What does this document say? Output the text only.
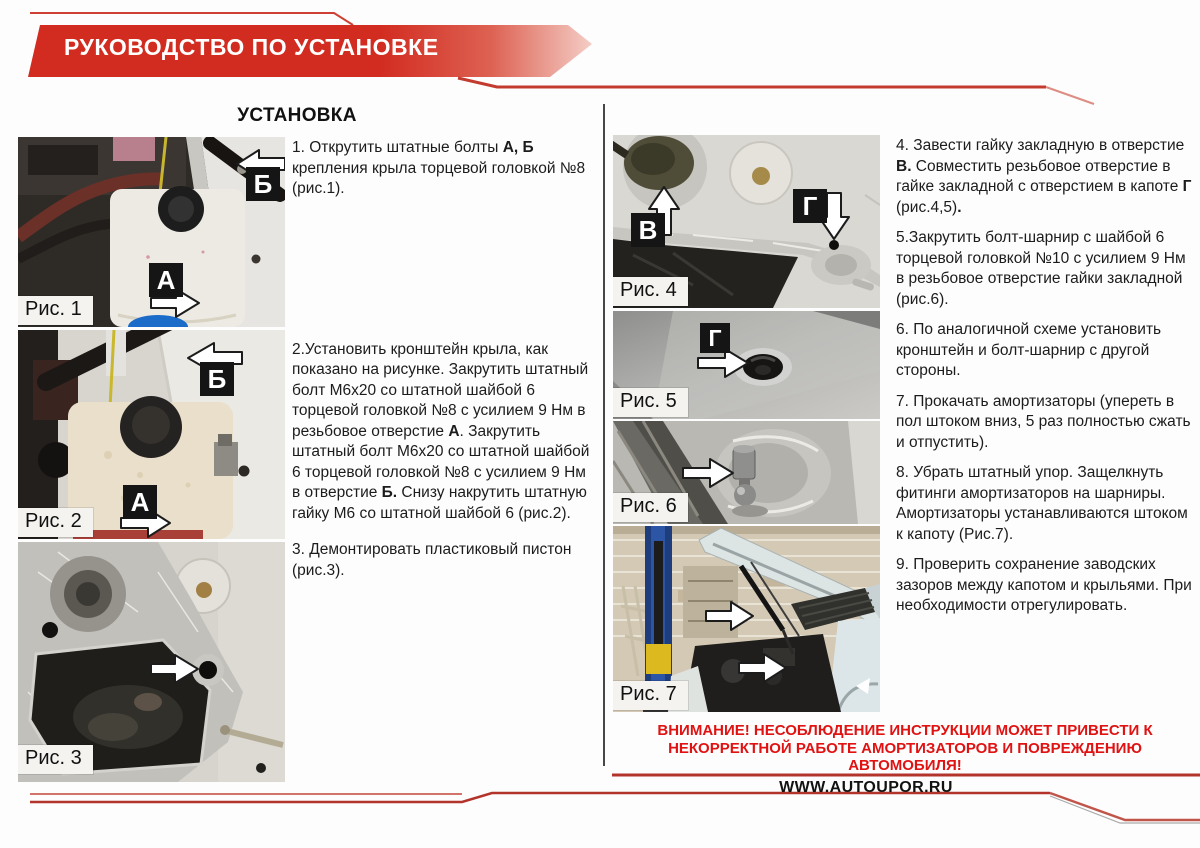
РУКОВОДСТВО ПО УСТАНОВКЕ
УСТАНОВКА
Б
А
Рис. 1
Б
А
Рис. 2
Рис. 3
В
Г
Рис. 4
Г
Рис. 5
Рис. 6
Рис. 7

1. Открутить штатные болты А, Б крепления крыла торцевой головкой №8 (рис.1).

2.Установить кронштейн крыла, как показано на рисунке. Закрутить штатный болт М6х20 со штатной шайбой 6 торцевой головкой №8 с усилием 9 Нм в резьбовое отверстие А. Закрутить штатный болт М6х20 со штатной шайбой 6 торцевой головкой №8 с усилием 9 Нм в отверстие Б. Снизу накрутить штатную гайку М6 со штатной шайбой 6 (рис.2).

3. Демонтировать пластиковый пистон (рис.3).

4. Завести гайку закладную в отверстие В. Совместить резьбовое отверстие в гайке закладной с отверстием в капоте Г (рис.4,5).

5.Закрутить болт-шарнир с шайбой 6 торцевой головкой №10 с усилием 9 Нм в резьбовое отверстие гайки закладной (рис.6).

6. По аналогичной схеме установить кронштейн и болт-шарнир с другой стороны.

7. Прокачать амортизаторы (упереть в пол штоком вниз, 5 раз полностью сжать и отпустить).

8. Убрать штатный упор. Защелкнуть фитинги амортизаторов на шарниры. Амортизаторы устанавливаются штоком к капоту (Рис.7).

9. Проверить сохранение заводских зазоров между капотом и крыльями. При необходимости отрегулировать.

ВНИМАНИЕ! НЕСОБЛЮДЕНИЕ ИНСТРУКЦИИ МОЖЕТ ПРИВЕСТИ К
НЕКОРРЕКТНОЙ РАБОТЕ АМОРТИЗАТОРОВ И ПОВРЕЖДЕНИЮ
АВТОМОБИЛЯ!
WWW.AUTOUPOR.RU
